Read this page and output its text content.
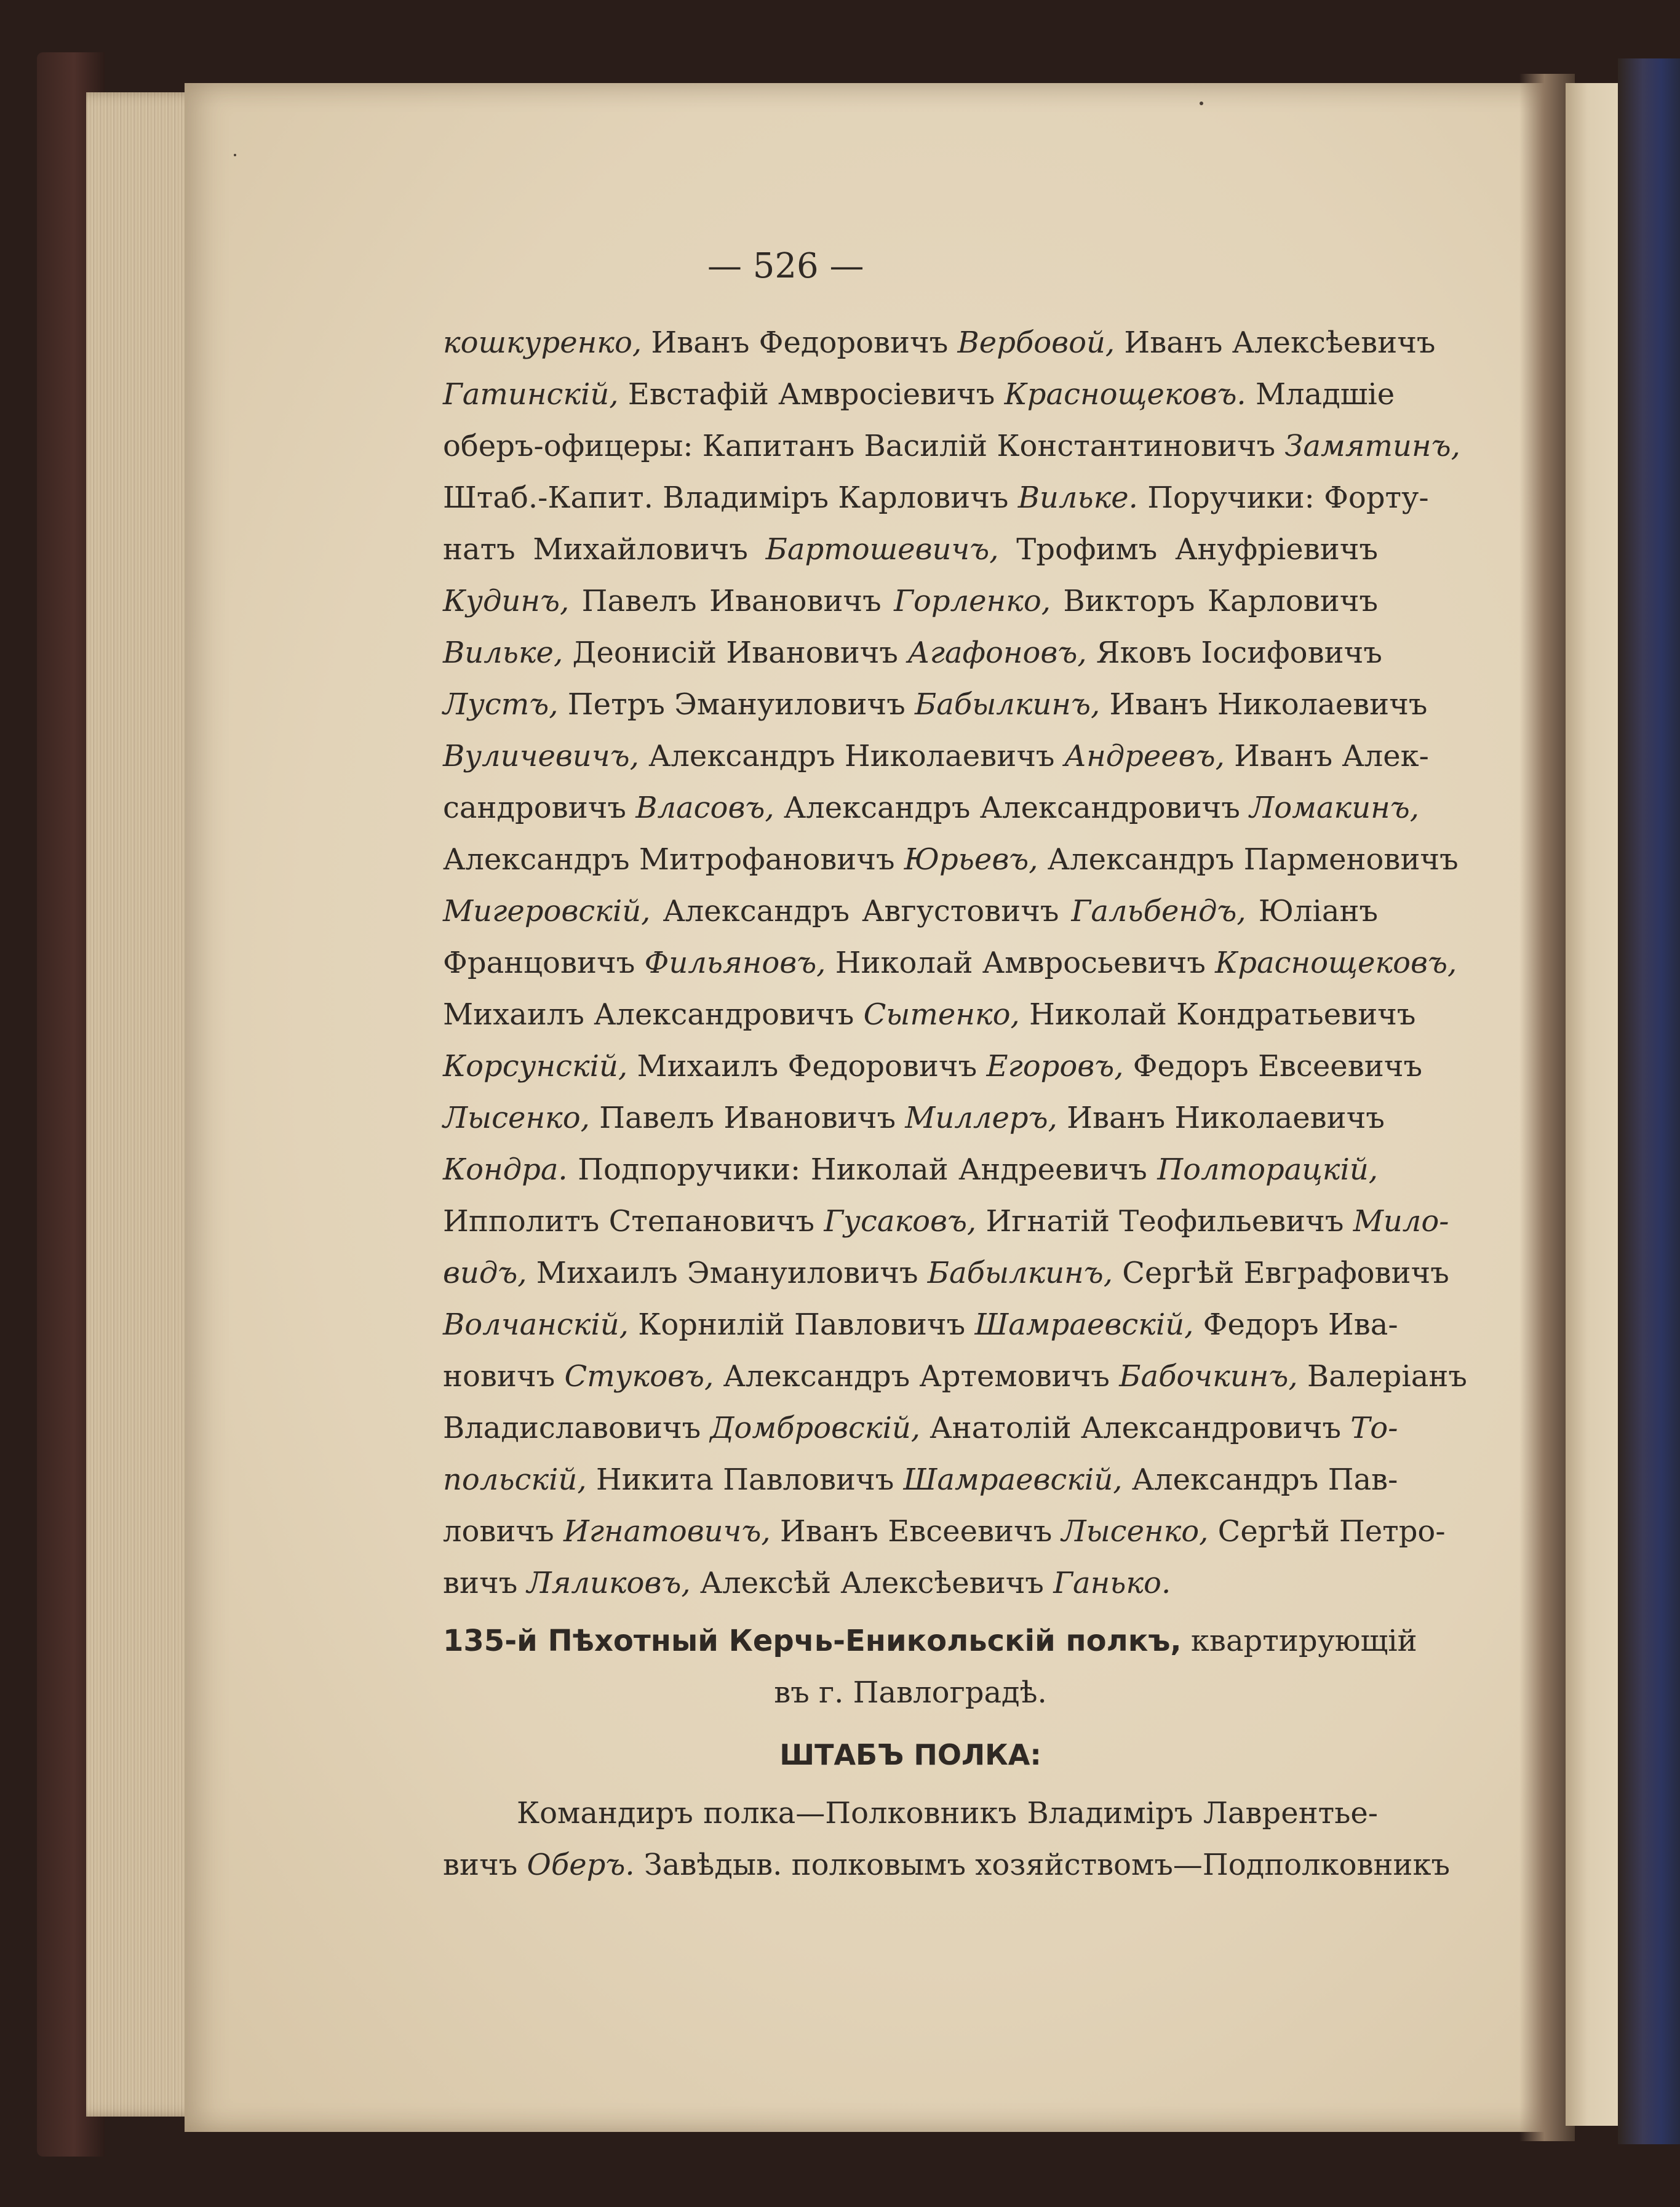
— 526 —
кошкуренко, Иванъ Федоровичъ Вербовой, Иванъ Алексѣевичъ
Гатинскій, Евстафій Амвросіевичъ Краснощековъ. Младшіе
оберъ-офицеры: Капитанъ Василій Константиновичъ Замятинъ,
Штаб.-Капит. Владиміръ Карловичъ Вильке. Поручики: Форту-
натъ Михайловичъ Бартошевичъ, Трофимъ Ануфріевичъ
Кудинъ, Павелъ Ивановичъ Горленко, Викторъ Карловичъ
Вильке, Деонисій Ивановичъ Агафоновъ, Яковъ Іосифовичъ
Лустъ, Петръ Эмануиловичъ Бабылкинъ, Иванъ Николаевичъ
Вуличевичъ, Александръ Николаевичъ Андреевъ, Иванъ Алек-
сандровичъ Власовъ, Александръ Александровичъ Ломакинъ,
Александръ Митрофановичъ Юрьевъ, Александръ Парменовичъ
Мигеровскій, Александръ Августовичъ Гальбендъ, Юліанъ
Францовичъ Фильяновъ, Николай Амвросьевичъ Краснощековъ,
Михаилъ Александровичъ Сытенко, Николай Кондратьевичъ
Корсунскій, Михаилъ Федоровичъ Егоровъ, Федоръ Евсеевичъ
Лысенко, Павелъ Ивановичъ Миллеръ, Иванъ Николаевичъ
Кондра. Подпоручики: Николай Андреевичъ Полторацкій,
Ипполитъ Степановичъ Гусаковъ, Игнатій Теофильевичъ Мило-
видъ, Михаилъ Эмануиловичъ Бабылкинъ, Сергѣй Евграфовичъ
Волчанскій, Корнилій Павловичъ Шамраевскій, Федоръ Ива-
новичъ Стуковъ, Александръ Артемовичъ Бабочкинъ, Валеріанъ
Владиславовичъ Домбровскій, Анатолій Александровичъ То-
польскій, Никита Павловичъ Шамраевскій, Александръ Пав-
ловичъ Игнатовичъ, Иванъ Евсеевичъ Лысенко, Сергѣй Петро-
вичъ Ляликовъ, Алексѣй Алексѣевичъ Ганько.
135-й Пѣхотный Керчь-Еникольскій полкъ, квартирующій
въ г. Павлоградѣ.
ШТАБЪ ПОЛКА:
Командиръ полка—Полковникъ Владиміръ Лаврентье-
вичъ Оберъ. Завѣдыв. полковымъ хозяйствомъ—Подполковникъ
